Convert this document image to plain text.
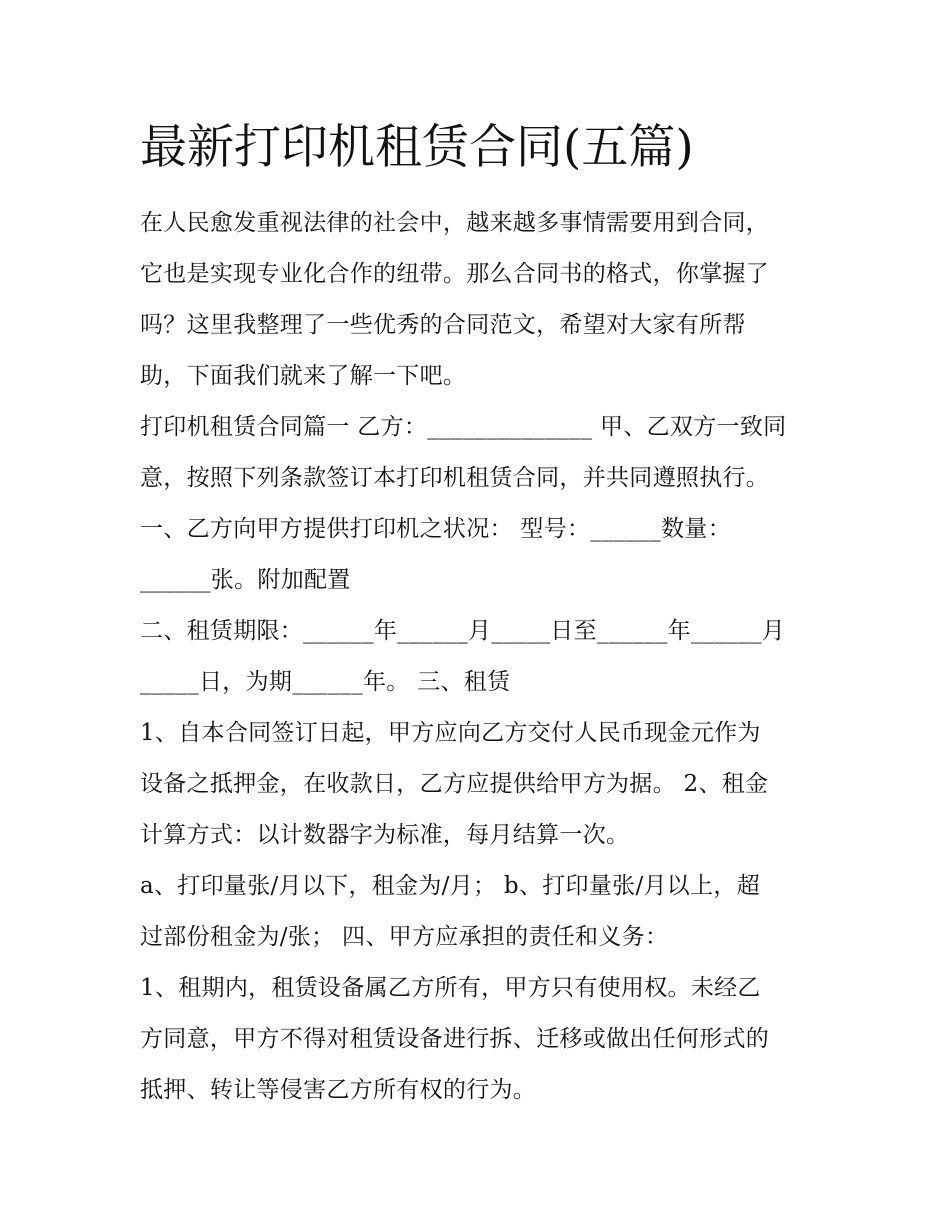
最新打印机租赁合同(五篇)
在人民愈发重视法律的社会中，越来越多事情需要用到合同，
它也是实现专业化合作的纽带。那么合同书的格式，你掌握了
吗？这里我整理了一些优秀的合同范文，希望对大家有所帮
助，下面我们就来了解一下吧。
打印机租赁合同篇一 乙方：______________ 甲、乙双方一致同
意，按照下列条款签订本打印机租赁合同，并共同遵照执行。
一、乙方向甲方提供打印机之状况： 型号：______数量：
______张。附加配置
二、租赁期限：______年______月_____日至______年______月
_____日，为期______年。 三、租赁
1、自本合同签订日起，甲方应向乙方交付人民币现金元作为
设备之抵押金，在收款日，乙方应提供给甲方为据。 2、租金
计算方式：以计数器字为标准，每月结算一次。
a、打印量张/月以下，租金为/月； b、打印量张/月以上，超
过部份租金为/张； 四、甲方应承担的责任和义务：
1、租期内，租赁设备属乙方所有，甲方只有使用权。未经乙
方同意，甲方不得对租赁设备进行拆、迁移或做出任何形式的
抵押、转让等侵害乙方所有权的行为。
